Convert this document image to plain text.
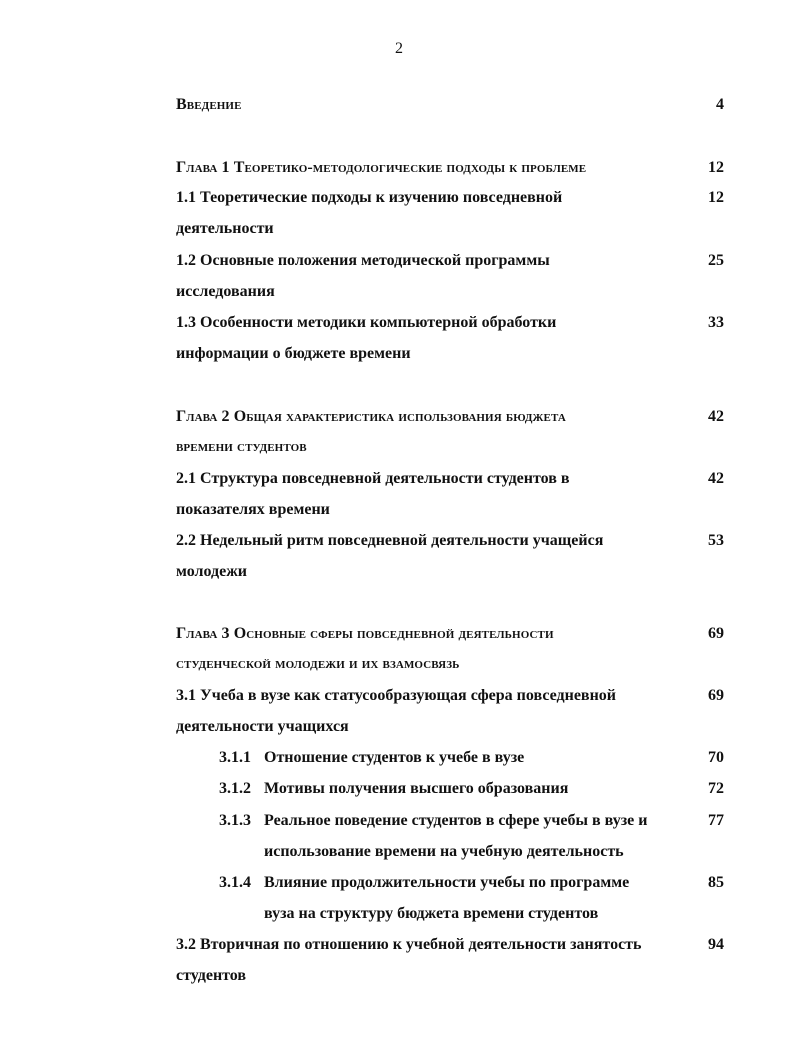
2
Введение	4
Глава 1 Теоретико-методологические подходы к проблеме	12
1.1 Теоретические подходы к изучению повседневной	12
деятельности
1.2 Основные положения методической программы	25
исследования
1.3 Особенности методики компьютерной обработки	33
информации о бюджете времени
Глава 2 Общая характеристика использования бюджета	42
времени студентов
2.1 Структура повседневной деятельности студентов в	42
показателях времени
2.2 Недельный ритм повседневной деятельности учащейся	53
молодежи
Глава 3 Основные сферы повседневной деятельности	69
студенческой молодежи и их взамосвязь
3.1 Учеба в вузе как статусообразующая сфера повседневной	69
деятельности учащихся
3.1.1 Отношение студентов к учебе в вузе	70
3.1.2 Мотивы получения высшего образования	72
3.1.3 Реальное поведение студентов в сфере учебы в вузе и	77
использование времени на учебную деятельность
3.1.4 Влияние продолжительности учебы по программе	85
вуза на структуру бюджета времени студентов
3.2 Вторичная по отношению к учебной деятельности занятость	94
студентов
